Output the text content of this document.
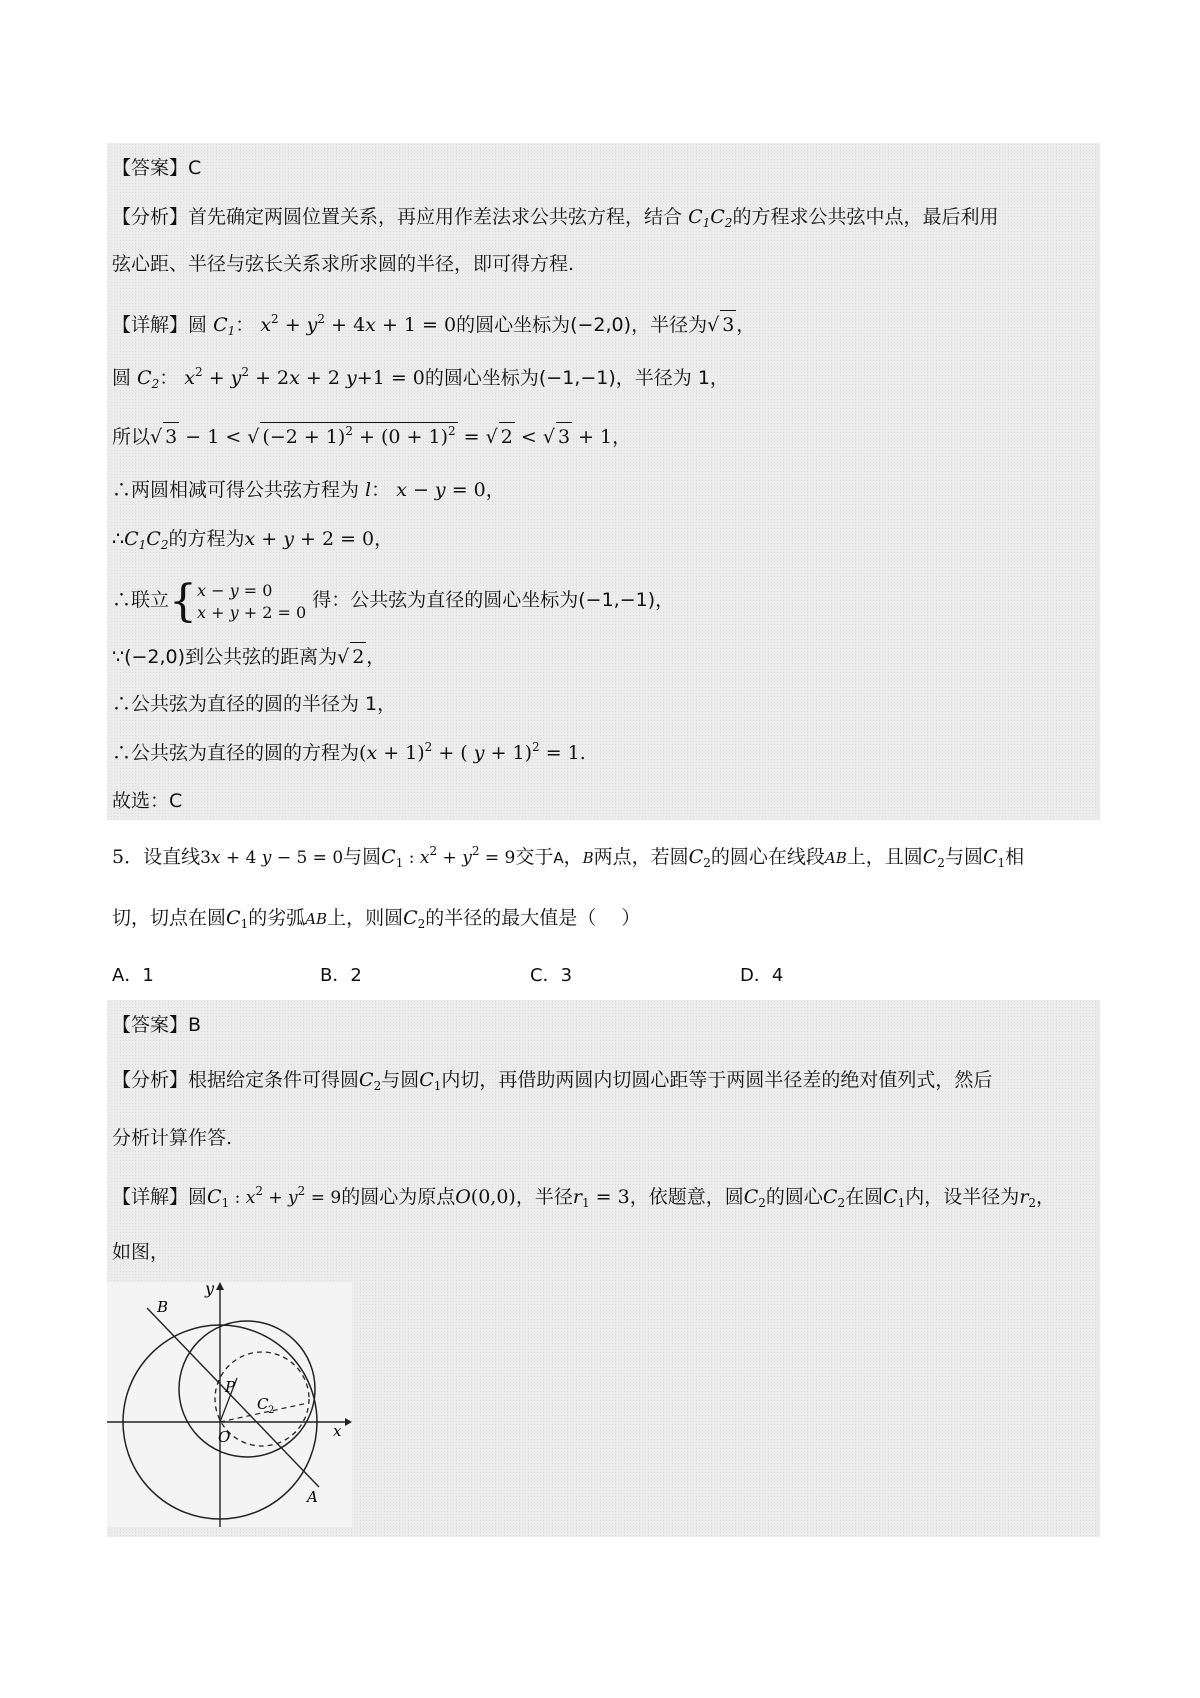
【答案】C
【分析】首先确定两圆位置关系，再应用作差法求公共弦方程，结合 $C_1C_2$的方程求公共弦中点，最后利用
弦心距、半径与弦长关系求所求圆的半径，即可得方程.
【详解】圆 $C_1$： $x^2 + y^2 + 4x + 1 = 0$的圆心坐标为(−2,0)，半径为√ 3 ，
圆 $C_2$： $x^2 + y^2 + 2x + 2$ y+1 = 0的圆心坐标为(−1,−1)，半径为 1，
所以√ 3 − 1 < √ $(-2 + 1)^2 + (0 + 1)^2$ = √ 2 < √ 3 + 1，
∴两圆相减可得公共弦方程为 l： x − y = 0，
$\therefore C_1C_2$的方程为x + y + 2 = 0，
∴联立{x − y = 0
x + y + 2 = 0 得：公共弦为直径的圆心坐标为(−1,−1)，
∵(−2,0)到公共弦的距离为√ 2 ，
∴公共弦为直径的圆的半径为 1，
∴公共弦为直径的圆的方程为$(x + 1)^2$ + ( y + 1)$^2$ = 1.
故选：C
5．设直线3x + 4 y − 5 = 0与圆$C_1$ : $x^2 + y^2 = 9$交于A，B两点，若圆$C_2$的圆心在线段AB上，且圆$C_2$与圆$C_1$相
切，切点在圆$C_1$的劣弧AB上，则圆$C_2$的半径的最大值是（　 ）
A．1	B．2	C．3	D．4
【答案】B
【分析】根据给定条件可得圆$C_2$与圆$C_1$内切，再借助两圆内切圆心距等于两圆半径差的绝对值列式，然后
分析计算作答.
【详解】圆$C_1$ : $x^2 + y^2 = 9$的圆心为原点O(0,0)，半径$r_1 = 3$，依题意，圆$C_2$的圆心$C_2$在圆$C_1$内，设半径为$r_2$，
如图，
y
x
O
B
A
P
C 2
